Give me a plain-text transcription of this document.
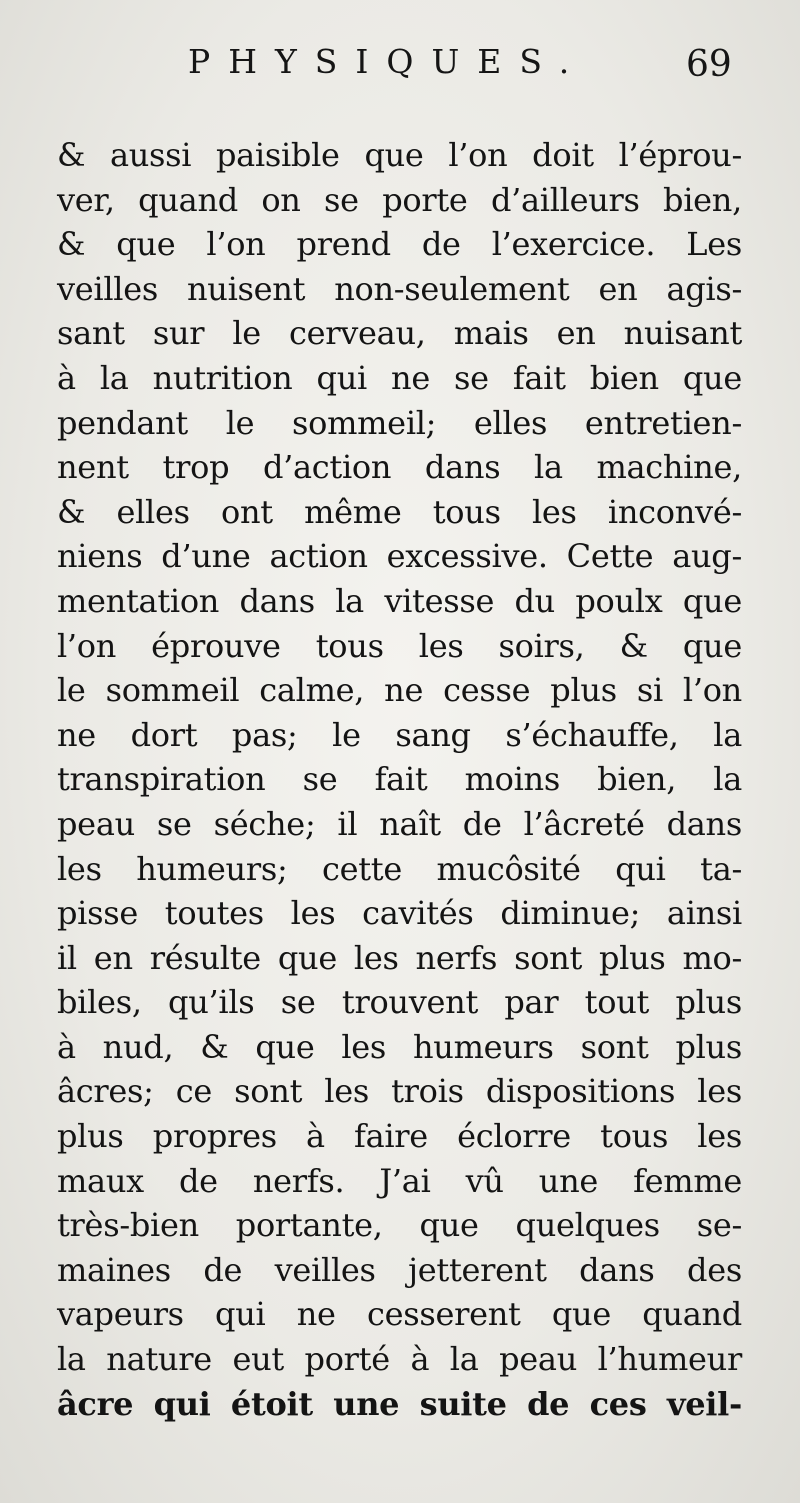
PHYSIQUES.	69
& aussi paisible que l’on doit l’éprou-
ver, quand on se porte d’ailleurs bien,
& que l’on prend de l’exercice. Les
veilles nuisent non-seulement en agis-
sant sur le cerveau, mais en nuisant
à la nutrition qui ne se fait bien que
pendant le sommeil; elles entretien-
nent trop d’action dans la machine,
& elles ont même tous les inconvé-
niens d’une action excessive. Cette aug-
mentation dans la vitesse du poulx que
l’on éprouve tous les soirs, & que
le sommeil calme, ne cesse plus si l’on
ne dort pas; le sang s’échauffe, la
transpiration se fait moins bien, la
peau se séche; il naît de l’âcreté dans
les humeurs; cette mucôsité qui ta-
pisse toutes les cavités diminue; ainsi
il en résulte que les nerfs sont plus mo-
biles, qu’ils se trouvent par tout plus
à nud, & que les humeurs sont plus
âcres; ce sont les trois dispositions les
plus propres à faire éclorre tous les
maux de nerfs. J’ai vû une femme
très-bien portante, que quelques se-
maines de veilles jetterent dans des
vapeurs qui ne cesserent que quand
la nature eut porté à la peau l’humeur
âcre qui étoit une suite de ces veil-
